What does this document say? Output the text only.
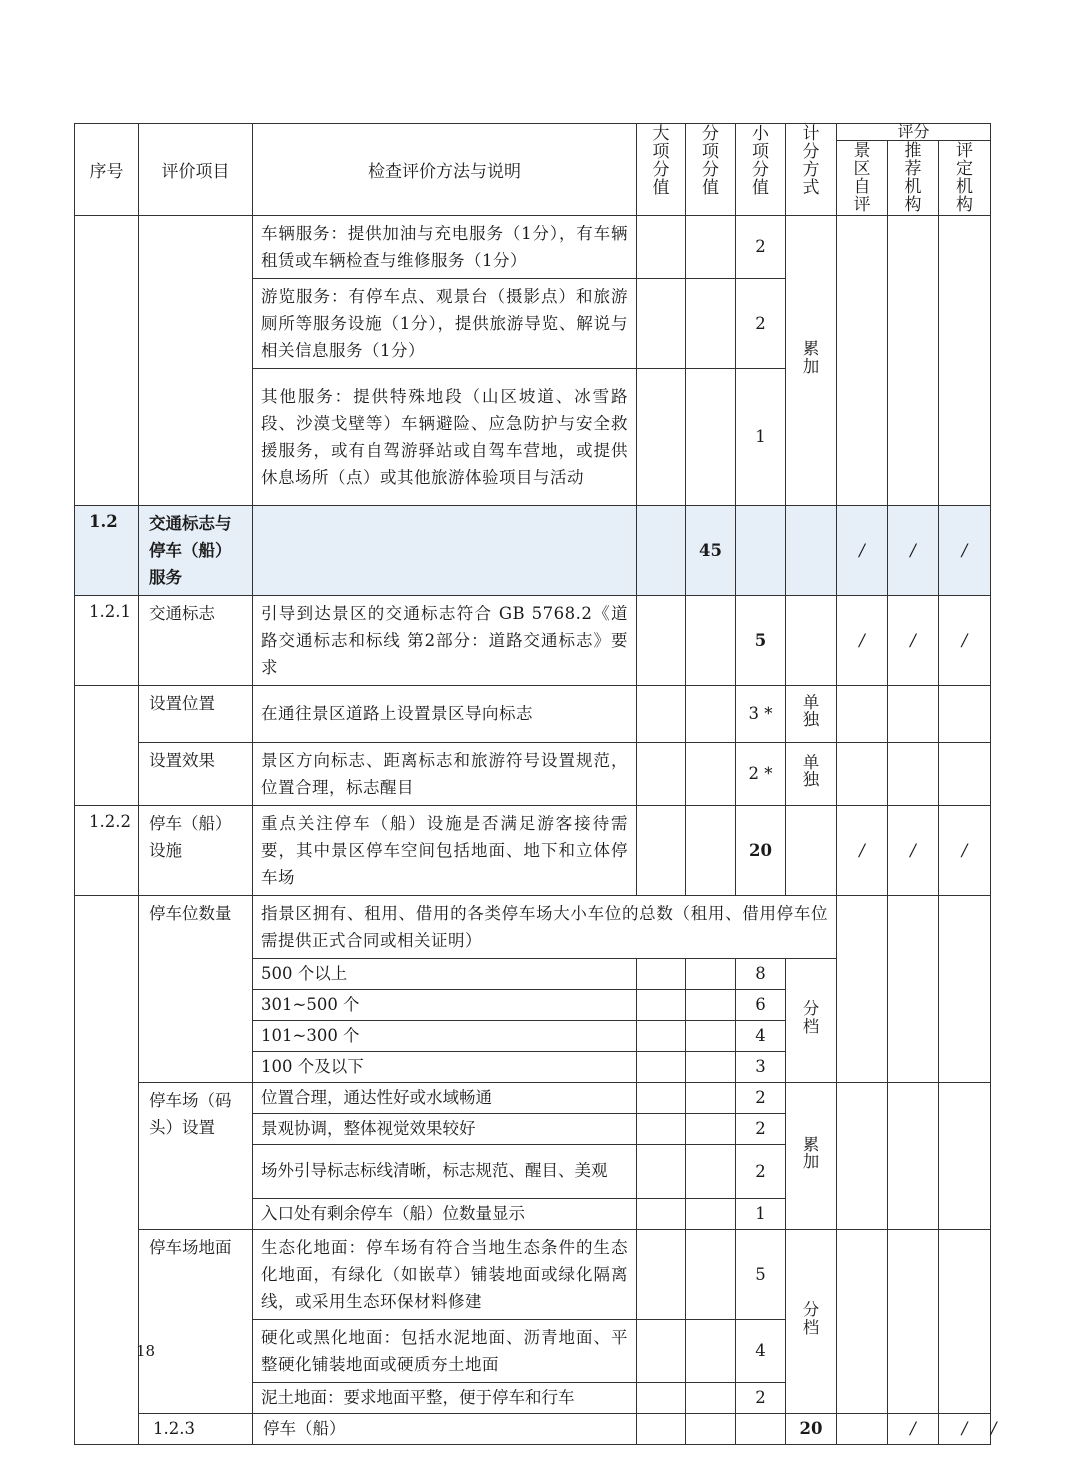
序号	评价项目	检查评价方法与说明	大项分值	分项分值	小项分值	计分方式	评分			
							景区自评	推荐机构	评定机构	
		车辆服务：提供加油与充电服务（1分），有车辆租赁或车辆检查与维修服务（1分）			2	累加				
		游览服务：有停车点、观景台（摄影点）和旅游厕所等服务设施（1分），提供旅游导览、解说与相关信息服务（1分）			2					
		其他服务：提供特殊地段（山区坡道、冰雪路段、沙漠戈壁等）车辆避险、应急防护与安全救援服务，或有自驾游驿站或自驾车营地，或提供休息场所（点）或其他旅游体验项目与活动			1					
1.2	交通标志与停车（船）服务			45			/	/	/	
1.2.1	交通标志	引导到达景区的交通标志符合 GB 5768.2《道路交通标志和标线 第2部分：道路交通标志》要求			5		/	/	/	
	设置位置	在通往景区道路上设置景区导向标志			3 *	单独				
	设置效果	景区方向标志、距离标志和旅游符号设置规范，位置合理，标志醒目			2 *	单独				
1.2.2	停车（船）设施	重点关注停车（船）设施是否满足游客接待需要，其中景区停车空间包括地面、地下和立体停车场			20		/	/	/	
	停车位数量	指景区拥有、租用、借用的各类停车场大小车位的总数（租用、借用停车位需提供正式合同或相关证明）								
		500 个以上			8	分档				
		301~500 个			6					
		101~300 个			4					
		100 个及以下			3					
	停车场（码头）设置	位置合理，通达性好或水域畅通			2	累加				
		景观协调，整体视觉效果较好			2					
		场外引导标志标线清晰，标志规范、醒目、美观			2					
		入口处有剩余停车（船）位数量显示			1					
	停车场地面	生态化地面：停车场有符合当地生态条件的生态化地面，有绿化（如嵌草）铺装地面或绿化隔离线，或采用生态环保材料修建			5	分档				
		硬化或黑化地面：包括水泥地面、沥青地面、平整硬化铺装地面或硬质夯土地面			4					
		泥土地面：要求地面平整，便于停车和行车			2					
	1.2.3	停车（船）				20		/	/	/
18
